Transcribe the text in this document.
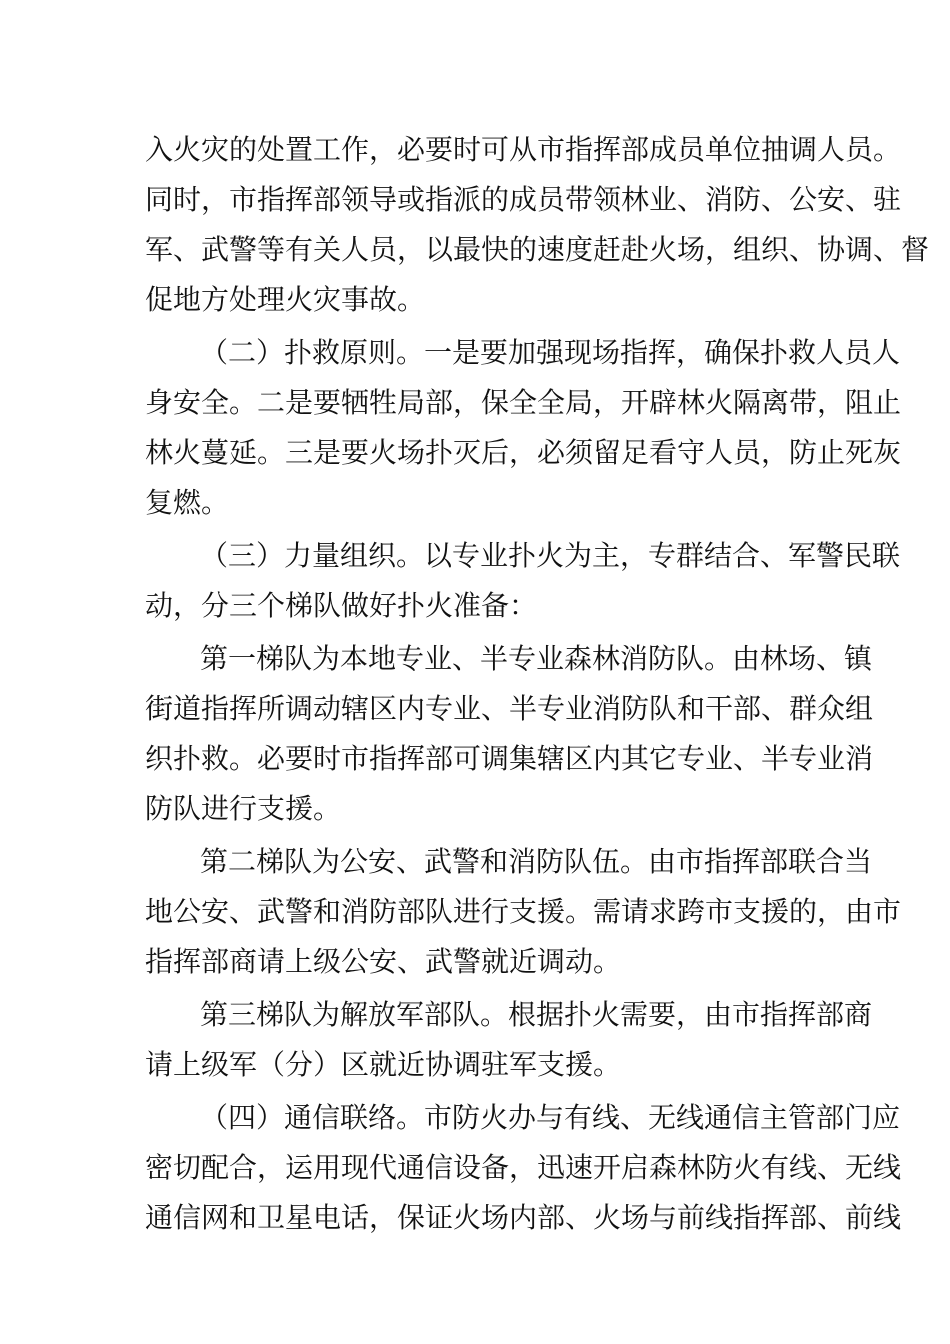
入火灾的处置工作，必要时可从市指挥部成员单位抽调人员。
同时，市指挥部领导或指派的成员带领林业、消防、公安、驻
军、武警等有关人员，以最快的速度赶赴火场，组织、协调、督
促地方处理火灾事故。
（二）扑救原则。一是要加强现场指挥，确保扑救人员人
身安全。二是要牺牲局部，保全全局，开辟林火隔离带，阻止
林火蔓延。三是要火场扑灭后，必须留足看守人员，防止死灰
复燃。
（三）力量组织。以专业扑火为主，专群结合、军警民联
动，分三个梯队做好扑火准备：
第一梯队为本地专业、半专业森林消防队。由林场、镇
街道指挥所调动辖区内专业、半专业消防队和干部、群众组
织扑救。必要时市指挥部可调集辖区内其它专业、半专业消
防队进行支援。
第二梯队为公安、武警和消防队伍。由市指挥部联合当
地公安、武警和消防部队进行支援。需请求跨市支援的，由市
指挥部商请上级公安、武警就近调动。
第三梯队为解放军部队。根据扑火需要，由市指挥部商
请上级军（分）区就近协调驻军支援。
（四）通信联络。市防火办与有线、无线通信主管部门应
密切配合，运用现代通信设备，迅速开启森林防火有线、无线
通信网和卫星电话，保证火场内部、火场与前线指挥部、前线
